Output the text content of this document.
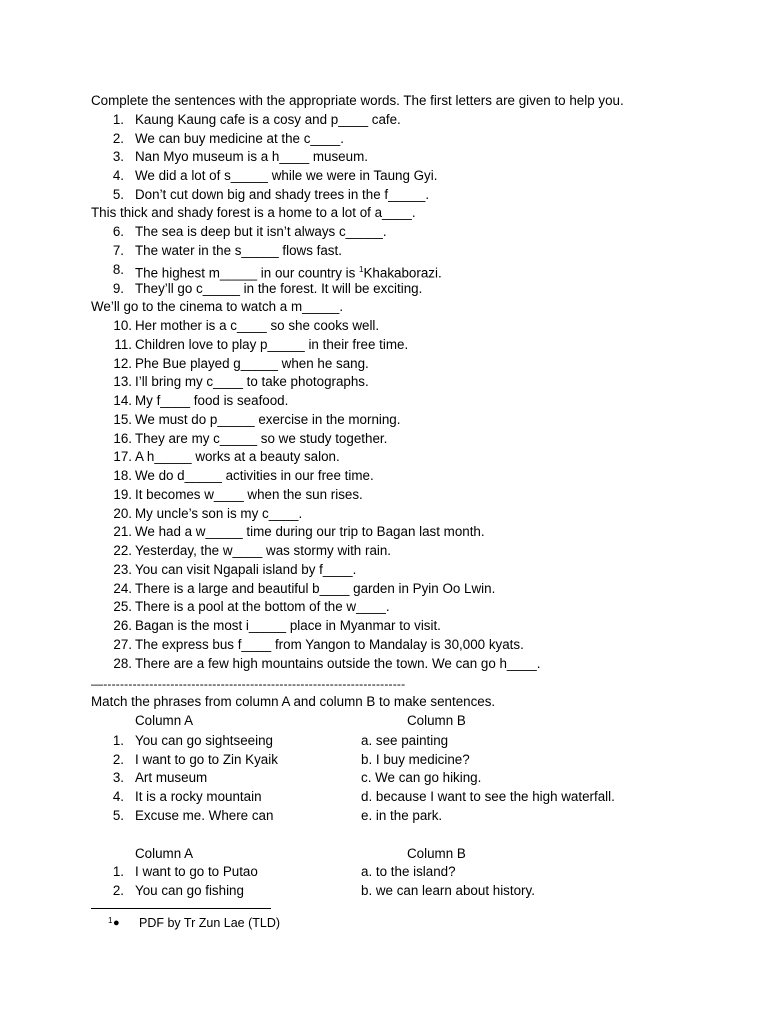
Complete the sentences with the appropriate words. The first letters are given to help you.
1. Kaung Kaung cafe is a cosy and p____ cafe.
2. We can buy medicine at the c____.
3. Nan Myo museum is a h____ museum.
4. We did a lot of s_____ while we were in Taung Gyi.
5. Don’t cut down big and shady trees in the f_____.
This thick and shady forest is a home to a lot of a____.
6. The sea is deep but it isn’t always c_____.
7. The water in the s_____ flows fast.
8. The highest m_____ in our country is $^1$Khakaborazi.
9. They’ll go c_____ in the forest. It will be exciting.
We’ll go to the cinema to watch a m_____.
10. Her mother is a c____ so she cooks well.
11. Children love to play p_____ in their free time.
12. Phe Bue played g_____ when he sang.
13. I’ll bring my c____ to take photographs.
14. My f____ food is seafood.
15. We must do p_____ exercise in the morning.
16. They are my c_____ so we study together.
17. A h_____ works at a beauty salon.
18. We do d_____ activities in our free time.
19. It becomes w____ when the sun rises.
20. My uncle’s son is my c____.
21. We had a w_____ time during our trip to Bagan last month.
22. Yesterday, the w____ was stormy with rain.
23. You can visit Ngapali island by f____.
24. There is a large and beautiful b____ garden in Pyin Oo Lwin.
25. There is a pool at the bottom of the w____.
26. Bagan is the most i_____ place in Myanmar to visit.
27. The express bus f____ from Yangon to Mandalay is 30,000 kyats.
28. There are a few high mountains outside the town. We can go h____.
—------------------------------------------------------------------------
Match the phrases from column A and column B to make sentences.
Column A	Column B
1. You can go sightseeing	a. see painting
2. I want to go to Zin Kyaik	b. I buy medicine?
3. Art museum	c. We can go hiking.
4. It is a rocky mountain	d. because I want to see the high waterfall.
5. Excuse me. Where can	e. in the park.
Column A	Column B
1. I want to go to Putao	a. to the island?
2. You can go fishing	b. we can learn about history.
1 ● PDF by Tr Zun Lae (TLD)
